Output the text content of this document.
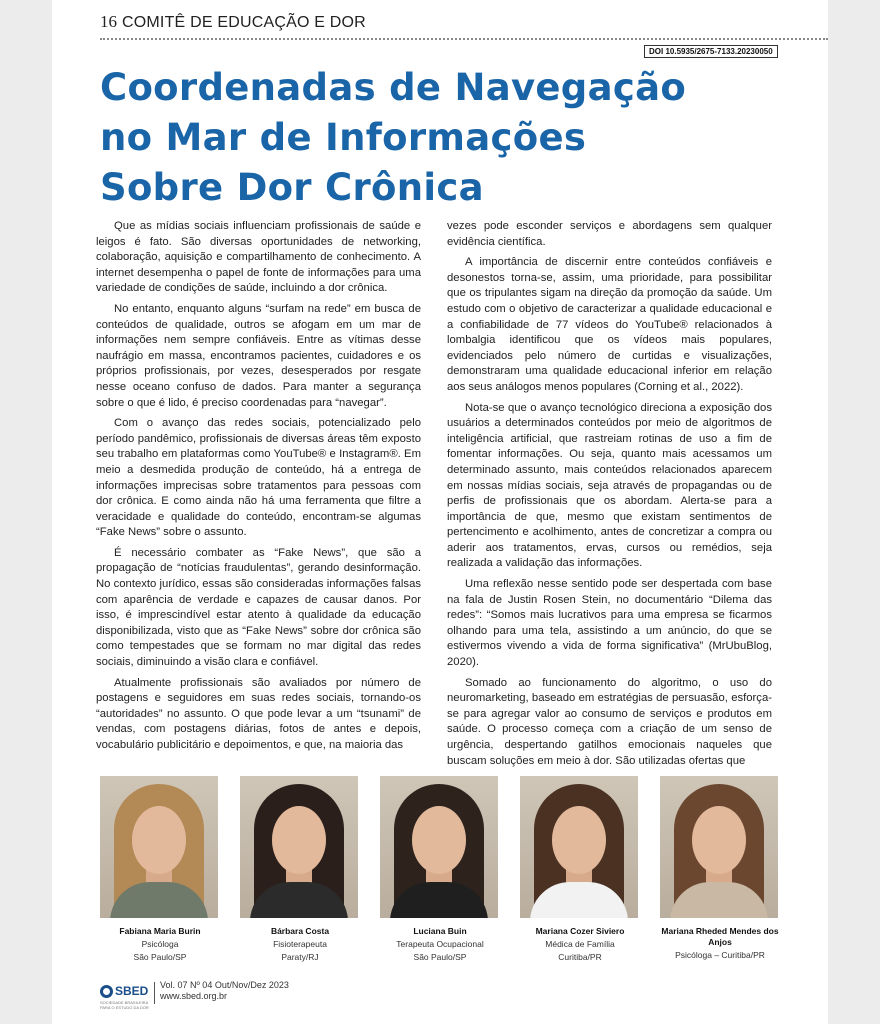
16 COMITÊ DE EDUCAÇÃO E DOR
DOI 10.5935/2675-7133.20230050
Coordenadas de Navegação
no Mar de Informações
Sobre Dor Crônica

Que as mídias sociais influenciam profissionais de saúde e leigos é fato. São diversas oportunidades de networking, colaboração, aquisição e compartilhamento de conhecimento. A internet desempenha o papel de fonte de informações para uma variedade de condições de saúde, incluindo a dor crônica.

No entanto, enquanto alguns “surfam na rede” em busca de conteúdos de qualidade, outros se afogam em um mar de informações nem sempre confiáveis. Entre as vítimas desse naufrágio em massa, encontramos pacientes, cuidadores e os próprios profissionais, por vezes, desesperados por resgate nesse oceano confuso de dados. Para manter a segurança sobre o que é lido, é preciso coordenadas para “navegar”.

Com o avanço das redes sociais, potencializado pelo período pandêmico, profissionais de diversas áreas têm exposto seu trabalho em plataformas como YouTube® e Instagram®. Em meio a desmedida produção de conteúdo, há a entrega de informações imprecisas sobre tratamentos para pessoas com dor crônica. E como ainda não há uma ferramenta que filtre a veracidade e qualidade do conteúdo, encontram-se algumas “Fake News” sobre o assunto.

É necessário combater as “Fake News”, que são a propagação de “notícias fraudulentas”, gerando desinformação. No contexto jurídico, essas são consideradas informações falsas com aparência de verdade e capazes de causar danos. Por isso, é imprescindível estar atento à qualidade da educação disponibilizada, visto que as “Fake News” sobre dor crônica são como tempestades que se formam no mar digital das redes sociais, diminuindo a visão clara e confiável.

Atualmente profissionais são avaliados por número de postagens e seguidores em suas redes sociais, tornando-os “autoridades” no assunto. O que pode levar a um “tsunami” de vendas, com postagens diárias, fotos de antes e depois, vocabulário publicitário e depoimentos, e que, na maioria das

vezes pode esconder serviços e abordagens sem qualquer evidência científica.

A importância de discernir entre conteúdos confiáveis e desonestos torna-se, assim, uma prioridade, para possibilitar que os tripulantes sigam na direção da promoção da saúde. Um estudo com o objetivo de caracterizar a qualidade educacional e a confiabilidade de 77 vídeos do YouTube® relacionados à lombalgia identificou que os vídeos mais populares, evidenciados pelo número de curtidas e visualizações, demonstraram uma qualidade educacional inferior em relação aos seus análogos menos populares (Corning et al., 2022).

Nota-se que o avanço tecnológico direciona a exposição dos usuários a determinados conteúdos por meio de algoritmos de inteligência artificial, que rastreiam rotinas de uso a fim de fomentar informações. Ou seja, quanto mais acessamos um determinado assunto, mais conteúdos relacionados aparecem em nossas mídias sociais, seja através de propagandas ou de perfis de profissionais que os abordam. Alerta-se para a importância de que, mesmo que existam sentimentos de pertencimento e acolhimento, antes de concretizar a compra ou aderir aos tratamentos, ervas, cursos ou remédios, seja realizada a validação das informações.

Uma reflexão nesse sentido pode ser despertada com base na fala de Justin Rosen Stein, no documentário “Dilema das redes”: “Somos mais lucrativos para uma empresa se ficarmos olhando para uma tela, assistindo a um anúncio, do que se estivermos vivendo a vida de forma significativa” (MrUbuBlog, 2020).

Somado ao funcionamento do algoritmo, o uso do neuromarketing, baseado em estratégias de persuasão, esforça-se para agregar valor ao consumo de serviços e produtos em saúde. O processo começa com a criação de um senso de urgência, despertando gatilhos emocionais naqueles que buscam soluções em meio à dor. São utilizadas ofertas que

Fabiana Maria Burin
Psicóloga
São Paulo/SP
Bárbara Costa
Fisioterapeuta
Paraty/RJ
Luciana Buin
Terapeuta Ocupacional
São Paulo/SP
Mariana Cozer Siviero
Médica de Família
Curitiba/PR
Mariana Rheded Mendes dos Anjos
Psicóloga – Curitiba/PR
SBED
SOCIEDADE BRASILEIRA PARA O ESTUDO DA DOR
Vol. 07 Nº 04 Out/Nov/Dez 2023
www.sbed.org.br
